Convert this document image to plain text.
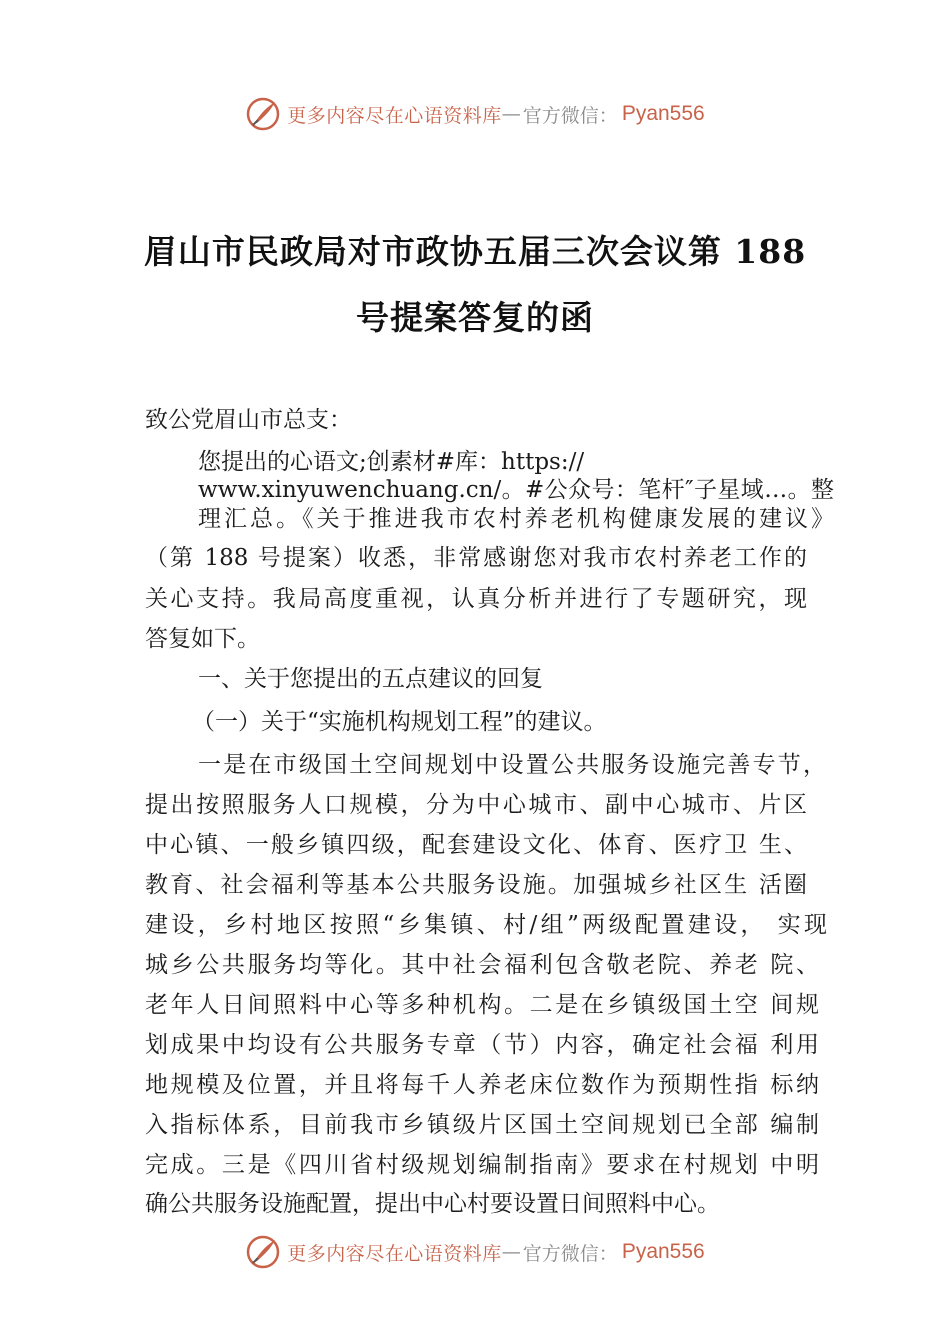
更多内容尽在心语资料库 — 官方微信： Pyan556
眉山市民政局对市政协五届三次会议第 188
号提案答复的函
致公党眉山市总支：
您提出的心语文;创素材#库：https://
www.xinyuwenchuang.cn/。#公众号：笔杆″子星域…。整
理汇总。《关于推进我市农村养老机构健康发展的建议》
（第 188 号提案）收悉，非常感谢您对我市农村养老工作的
关心支持。我局高度重视，认真分析并进行了专题研究，现
答复如下。
一、关于您提出的五点建议的回复
（一）关于“实施机构规划工程”的建议。
一是在市级国土空间规划中设置公共服务设施完善专节，
提出按照服务人口规模，分为中心城市、副中心城市、片区
中心镇、一般乡镇四级，配套建设文化、体育、医疗卫 生、
教育、社会福利等基本公共服务设施。加强城乡社区生 活圈
建设，乡村地区按照“乡集镇、村/组”两级配置建设， 实现
城乡公共服务均等化。其中社会福利包含敬老院、养老 院、
老年人日间照料中心等多种机构。二是在乡镇级国土空 间规
划成果中均设有公共服务专章（节）内容，确定社会福 利用
地规模及位置，并且将每千人养老床位数作为预期性指 标纳
入指标体系，目前我市乡镇级片区国土空间规划已全部 编制
完成。三是《四川省村级规划编制指南》要求在村规划 中明
确公共服务设施配置，提出中心村要设置日间照料中心。
更多内容尽在心语资料库 — 官方微信： Pyan556
